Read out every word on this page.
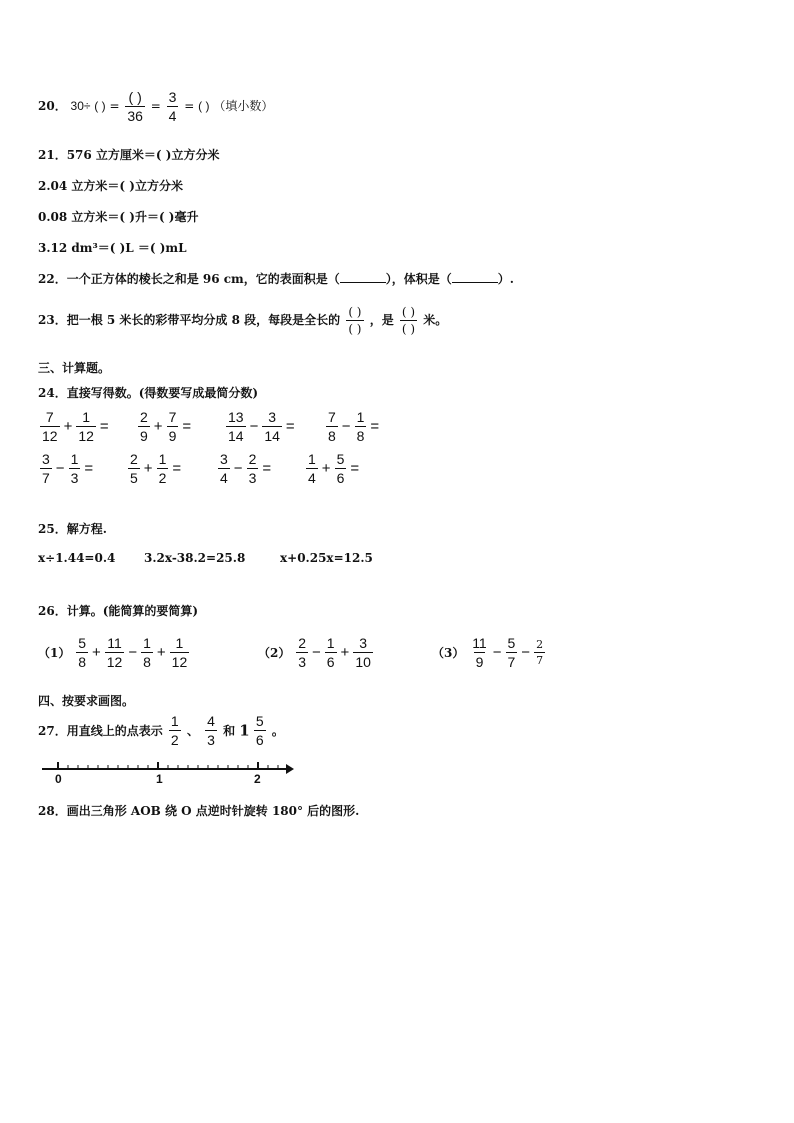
20． 30÷ ( ) = $\frac{( )}{36} = \frac{3}{4}$ = ( ) （填小数）
21．576 立方厘米＝( )立方分米
2.04 立方米＝( )立方分米
0.08 立方米＝( )升＝( )毫升
3.12 dm³＝( )L ＝( )mL
22．一个正方体的棱长之和是 96 cm，它的表面积是（	），体积是（	）.
23．把一根 5 米长的彩带平均分成 8 段，每段是全长的 $\frac{( )}{( )}$ ，是 $\frac{( )}{( )}$ 米。
三、计算题。
24．直接写得数。(得数要写成最简分数)
$\frac{7}{12} + \frac{1}{12} = \frac{2}{9} + \frac{7}{9} = \frac{13}{14} - \frac{3}{14} = \frac{7}{8} - \frac{1}{8}$ =
$\frac{3}{7} - \frac{1}{3} = \frac{2}{5} + \frac{1}{2}$ =	$\frac{3}{4} - \frac{2}{3} = \frac{1}{4} + \frac{5}{6}$ =
25．解方程.
x÷1.44=0.4 3.2x-38.2=25.8	x+0.25x=12.5
26．计算。(能简算的要简算)
$(1) \frac{5}{8} + \frac{11}{12} - \frac{1}{8} + \frac{1}{12}$	$(2) \frac{2}{3} - \frac{1}{6} + \frac{3}{10}$	$(3) \frac{11}{9} - \frac{5}{7} - \frac{2}{7}$
四、按要求画图。
27．用直线上的点表示 $\frac{1}{2}$ 、 $\frac{4}{3}$ 和 $1 \frac{5}{6}$ 。
0	1	2
28．画出三角形 AOB 绕 O 点逆时针旋转 180° 后的图形.
